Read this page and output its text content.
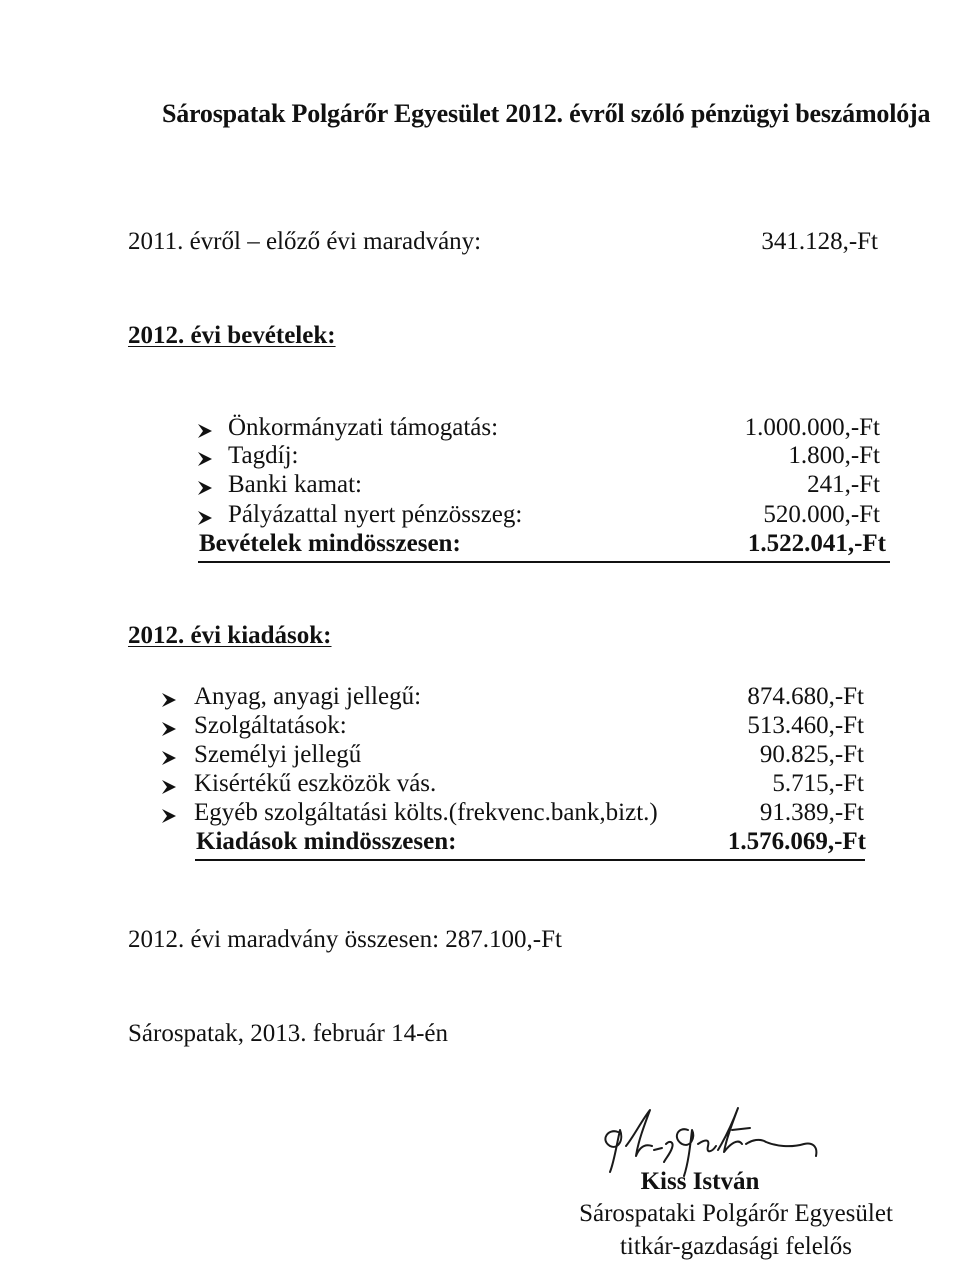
Sárospatak Polgárőr Egyesület 2012. évről szóló pénzügyi beszámolója
2011. évről – előző évi maradvány:	341.128,-Ft
2012. évi bevételek:
Önkormányzati támogatás:	1.000.000,-Ft
Tagdíj:	1.800,-Ft
Banki kamat:	241,-Ft
Pályázattal nyert pénzösszeg:	520.000,-Ft
Bevételek mindösszesen:	1.522.041,-Ft
2012. évi kiadások:
Anyag, anyagi jellegű:	874.680,-Ft
Szolgáltatások:	513.460,-Ft
Személyi jellegű	90.825,-Ft
Kisértékű eszközök vás.	5.715,-Ft
Egyéb szolgáltatási költs.(frekvenc.bank,bizt.)	91.389,-Ft
Kiadások mindösszesen:	1.576.069,-Ft
2012. évi maradvány összesen: 287.100,-Ft
Sárospatak, 2013. február 14-én
Kiss István
Sárospataki Polgárőr Egyesület
titkár-gazdasági felelős
